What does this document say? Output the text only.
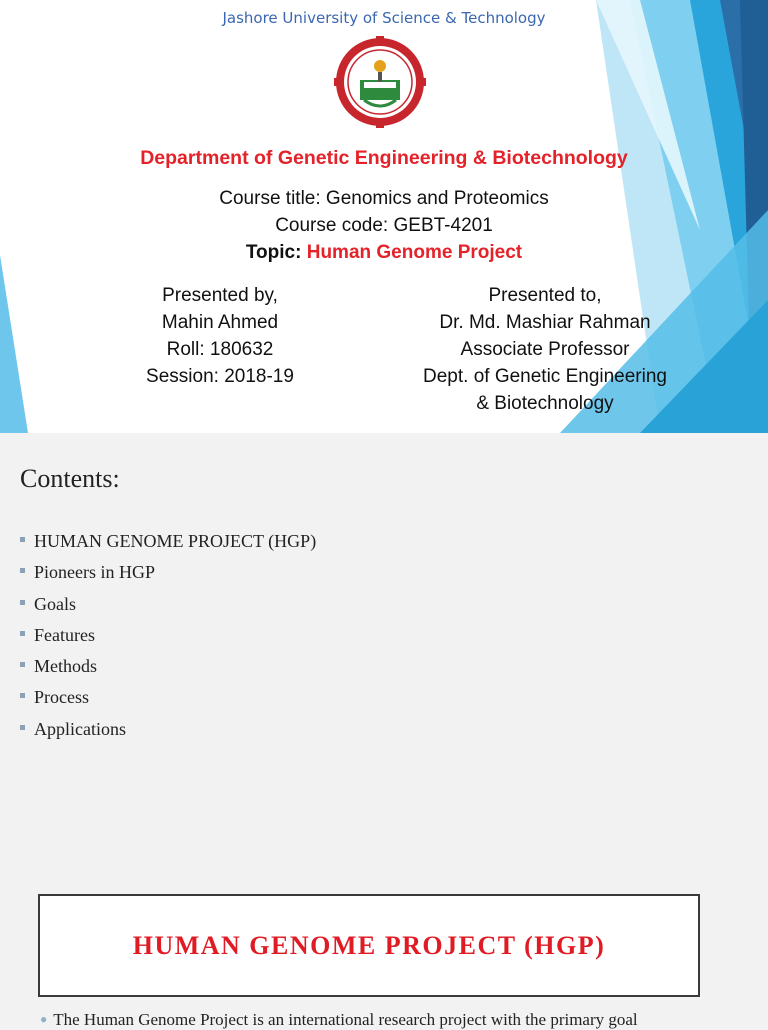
Jashore University of Science & Technology
Department of Genetic Engineering & Biotechnology
Course title: Genomics and Proteomics
Course code: GEBT-4201
Topic: Human Genome Project
Presented by,
Mahin Ahmed
Roll: 180632
Session: 2018-19
Presented to,
Dr. Md. Mashiar Rahman
Associate Professor
Dept. of Genetic Engineering
& Biotechnology
Contents:
HUMAN GENOME PROJECT (HGP)
Pioneers in HGP
Goals
Features
Methods
Process
Applications
HUMAN GENOME PROJECT (HGP)
● The Human Genome Project is an international research project with the primary goal
